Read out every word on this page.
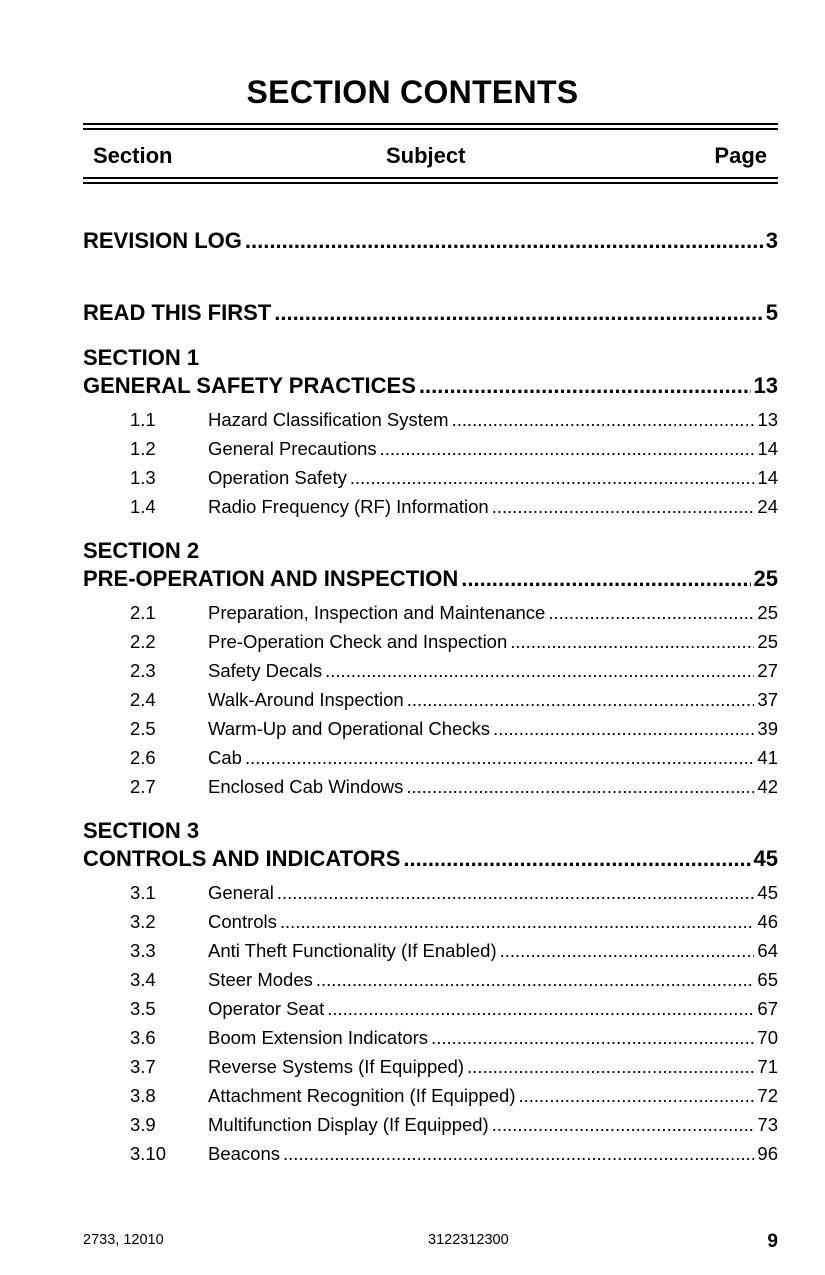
SECTION CONTENTS
Section	Subject	Page
REVISION LOG .....	3
READ THIS FIRST .....	5
SECTION 1
GENERAL SAFETY PRACTICES .....	13
1.1	Hazard Classification System .....	13
1.2	General Precautions .....	14
1.3	Operation Safety .....	14
1.4	Radio Frequency (RF) Information .....	24
SECTION 2
PRE-OPERATION AND INSPECTION .....	25
2.1	Preparation, Inspection and Maintenance .....	25
2.2	Pre-Operation Check and Inspection .....	25
2.3	Safety Decals .....	27
2.4	Walk-Around Inspection .....	37
2.5	Warm-Up and Operational Checks .....	39
2.6	Cab .....	41
2.7	Enclosed Cab Windows .....	42
SECTION 3
CONTROLS AND INDICATORS .....	45
3.1	General .....	45
3.2	Controls .....	46
3.3	Anti Theft Functionality (If Enabled) .....	64
3.4	Steer Modes .....	65
3.5	Operator Seat .....	67
3.6	Boom Extension Indicators .....	70
3.7	Reverse Systems (If Equipped) .....	71
3.8	Attachment Recognition (If Equipped) .....	72
3.9	Multifunction Display (If Equipped) .....	73
3.10	Beacons .....	96
2733, 12010	3122312300	9
